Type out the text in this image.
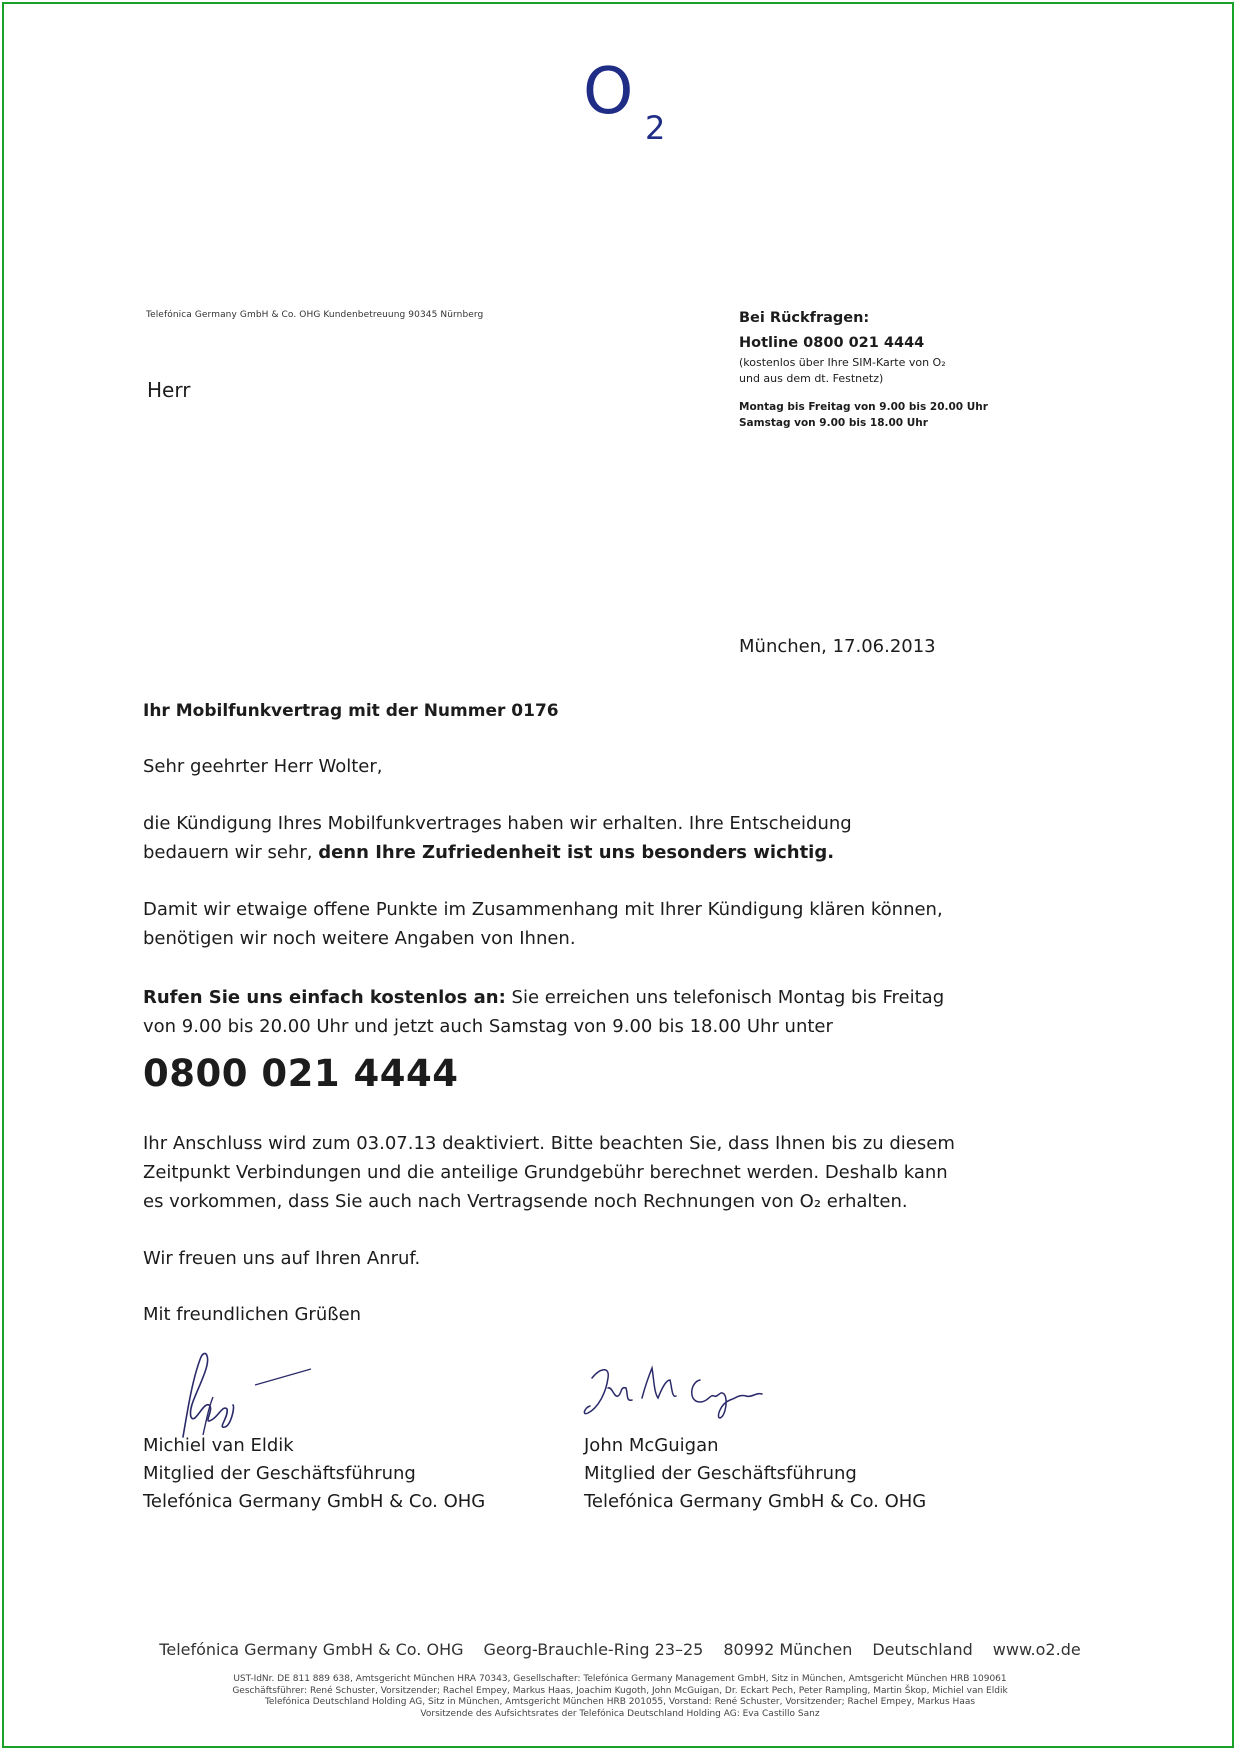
O 2
Telefónica Germany GmbH & Co. OHG Kundenbetreuung 90345 Nürnberg
Herr
Bei Rückfragen:
Hotline 0800 021 4444
(kostenlos über Ihre SIM-Karte von O₂
und aus dem dt. Festnetz)
Montag bis Freitag von 9.00 bis 20.00 Uhr
Samstag von 9.00 bis 18.00 Uhr
München, 17.06.2013
Ihr Mobilfunkvertrag mit der Nummer 0176
Sehr geehrter Herr Wolter,
die Kündigung Ihres Mobilfunkvertrages haben wir erhalten. Ihre Entscheidung
bedauern wir sehr, denn Ihre Zufriedenheit ist uns besonders wichtig.
Damit wir etwaige offene Punkte im Zusammenhang mit Ihrer Kündigung klären können,
benötigen wir noch weitere Angaben von Ihnen.
Rufen Sie uns einfach kostenlos an: Sie erreichen uns telefonisch Montag bis Freitag
von 9.00 bis 20.00 Uhr und jetzt auch Samstag von 9.00 bis 18.00 Uhr unter
0800 021 4444
Ihr Anschluss wird zum 03.07.13 deaktiviert. Bitte beachten Sie, dass Ihnen bis zu diesem
Zeitpunkt Verbindungen und die anteilige Grundgebühr berechnet werden. Deshalb kann
es vorkommen, dass Sie auch nach Vertragsende noch Rechnungen von O₂ erhalten.
Wir freuen uns auf Ihren Anruf.
Mit freundlichen Grüßen
Michiel van Eldik
Mitglied der Geschäftsführung
Telefónica Germany GmbH & Co. OHG
John McGuigan
Mitglied der Geschäftsführung
Telefónica Germany GmbH & Co. OHG
Telefónica Germany GmbH & Co. OHG Georg-Brauchle-Ring 23–25 80992 München Deutschland www.o2.de
UST-IdNr. DE 811 889 638, Amtsgericht München HRA 70343, Gesellschafter: Telefónica Germany Management GmbH, Sitz in München, Amtsgericht München HRB 109061
Geschäftsführer: René Schuster, Vorsitzender; Rachel Empey, Markus Haas, Joachim Kugoth, John McGuigan, Dr. Eckart Pech, Peter Rampling, Martin Škop, Michiel van Eldik
Telefónica Deutschland Holding AG, Sitz in München, Amtsgericht München HRB 201055, Vorstand: René Schuster, Vorsitzender; Rachel Empey, Markus Haas
Vorsitzende des Aufsichtsrates der Telefónica Deutschland Holding AG: Eva Castillo Sanz
